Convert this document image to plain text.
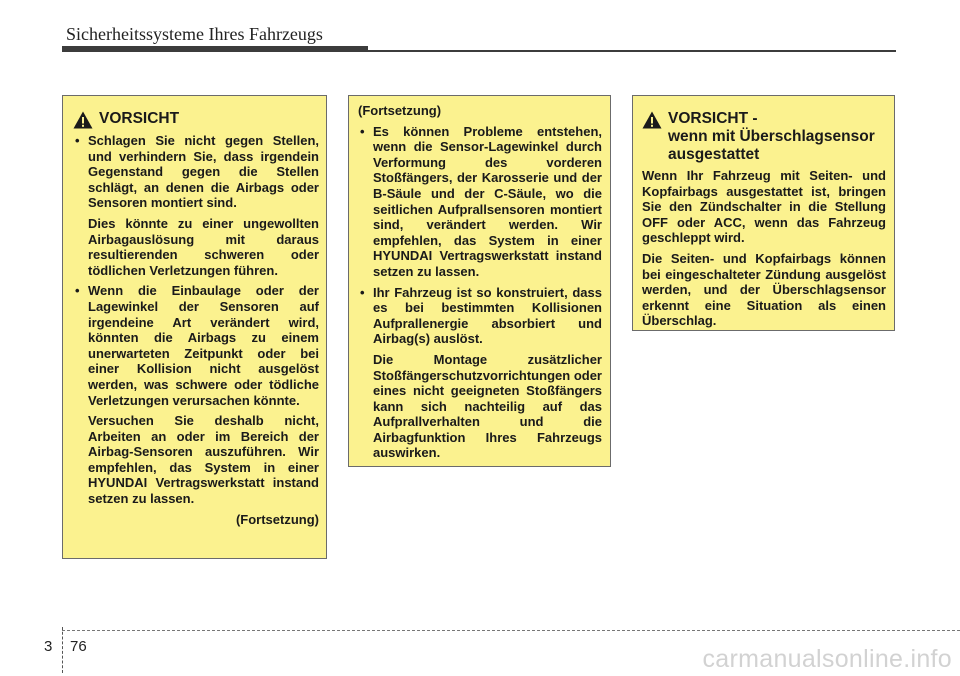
Sicherheitssysteme Ihres Fahrzeugs
VORSICHT
• Schlagen Sie nicht gegen Stellen, und verhindern Sie, dass irgendein Gegenstand gegen die Stellen schlägt, an denen die Airbags oder Sensoren montiert sind.
Dies könnte zu einer ungewollten Airbagauslösung mit daraus resultierenden schweren oder tödlichen Verletzungen führen.
• Wenn die Einbaulage oder der Lagewinkel der Sensoren auf irgendeine Art verändert wird, könnten die Airbags zu einem unerwarteten Zeitpunkt oder bei einer Kollision nicht ausgelöst werden, was schwere oder tödliche Verletzungen verursachen könnte.
Versuchen Sie deshalb nicht, Arbeiten an oder im Bereich der Airbag-Sensoren auszuführen. Wir empfehlen, das System in einer HYUNDAI Vertragswerkstatt instand setzen zu lassen.
(Fortsetzung)
(Fortsetzung)
• Es können Probleme entstehen, wenn die Sensor-Lagewinkel durch Verformung des vorderen Stoßfängers, der Karosserie und der B-Säule und der C-Säule, wo die seitlichen Aufprallsensoren montiert sind, verändert werden. Wir empfehlen, das System in einer HYUNDAI Vertragswerkstatt instand setzen zu lassen.
• Ihr Fahrzeug ist so konstruiert, dass es bei bestimmten Kollisionen Aufprallenergie absorbiert und Airbag(s) auslöst.
Die Montage zusätzlicher Stoßfängerschutzvorrichtungen oder eines nicht geeigneten Stoßfängers kann sich nachteilig auf das Aufprallverhalten und die Airbagfunktion Ihres Fahrzeugs auswirken.
VORSICHT -
wenn mit Überschlagsensor ausgestattet
Wenn Ihr Fahrzeug mit Seiten- und Kopfairbags ausgestattet ist, bringen Sie den Zündschalter in die Stellung OFF oder ACC, wenn das Fahrzeug geschleppt wird.
Die Seiten- und Kopfairbags können bei eingeschalteter Zündung ausgelöst werden, und der Überschlagsensor erkennt eine Situation als einen Überschlag.
3 76	carmanualsonline.info
